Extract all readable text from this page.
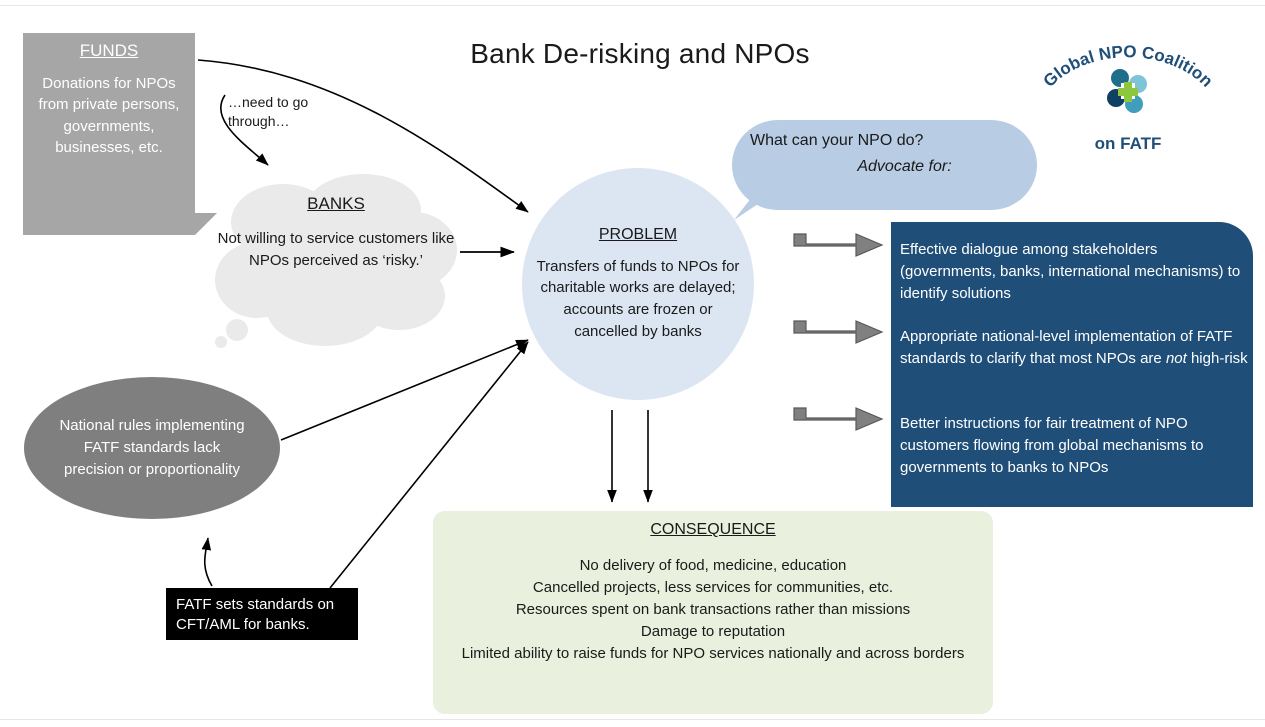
Bank De-risking and NPOs
FUNDS
Donations for NPOs from private persons, governments, businesses, etc.
…need to go through…
BANKS
Not willing to service customers like NPOs perceived as ‘risky.’
PROBLEM
Transfers of funds to NPOs for charitable works are delayed; accounts are frozen or cancelled by banks
National rules implementing FATF standards lack precision or proportionality
FATF sets standards on CFT/AML for banks.
What can your NPO do?
Advocate for:
Effective dialogue among stakeholders (governments, banks, international mechanisms) to identify solutions
Appropriate national-level implementation of FATF standards to clarify that most NPOs are not high-risk
Better instructions for fair treatment of NPO customers flowing from global mechanisms to governments to banks to NPOs
CONSEQUENCE
No delivery of food, medicine, education
Cancelled projects, less services for communities, etc.
Resources spent on bank transactions rather than missions
Damage to reputation
Limited ability to raise funds for NPO services nationally and across borders
Global NPO Coalition
on FATF
